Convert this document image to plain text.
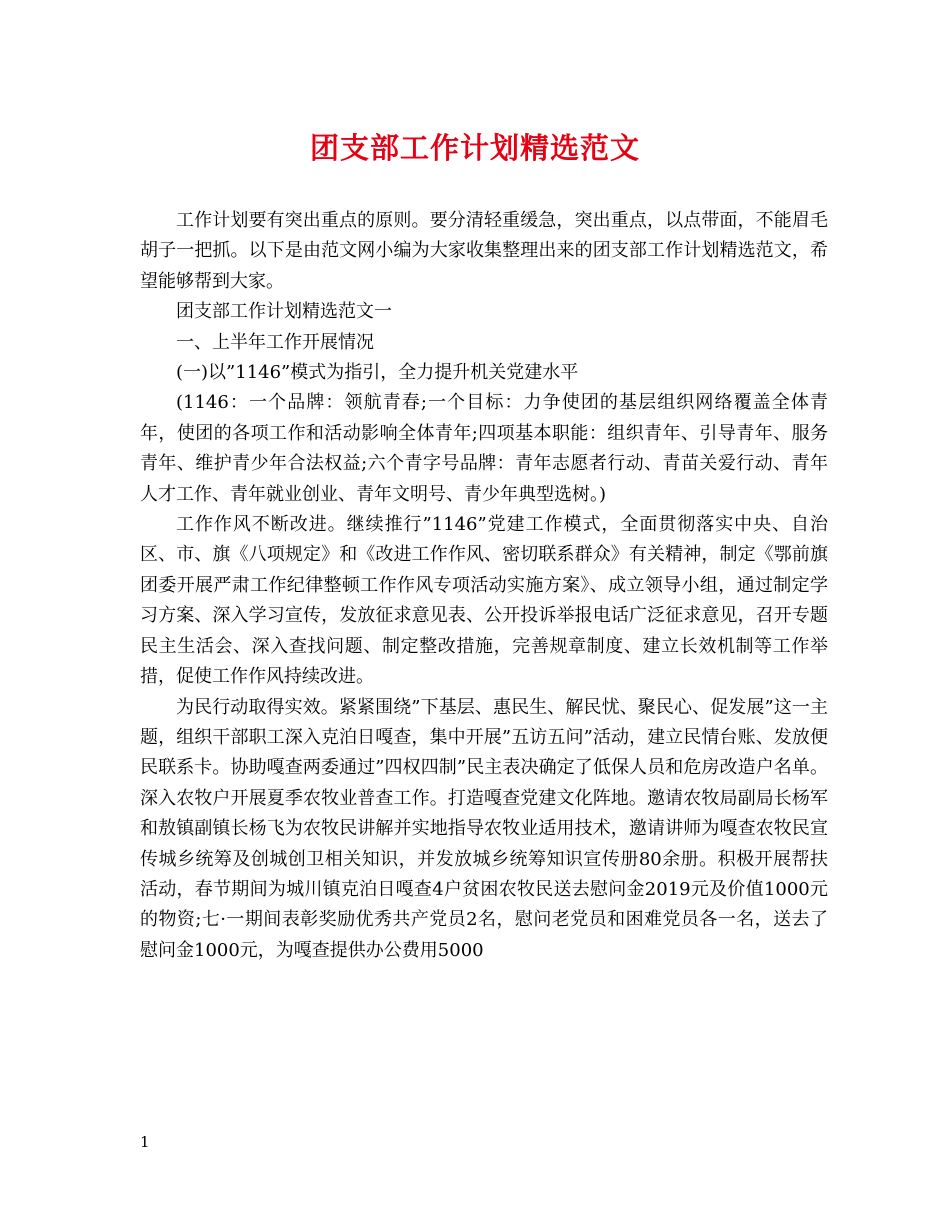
团支部工作计划精选范文

工作计划要有突出重点的原则。要分清轻重缓急，突出重点，以点带面，不能眉毛胡子一把抓。以下是由范文网小编为大家收集整理出来的团支部工作计划精选范文，希望能够帮到大家。

团支部工作计划精选范文一

一、上半年工作开展情况

(一)以”1146”模式为指引，全力提升机关党建水平

(1146：一个品牌：领航青春;一个目标：力争使团的基层组织网络覆盖全体青年，使团的各项工作和活动影响全体青年;四项基本职能：组织青年、引导青年、服务青年、维护青少年合法权益;六个青字号品牌：青年志愿者行动、青苗关爱行动、青年人才工作、青年就业创业、青年文明号、青少年典型选树。)

工作作风不断改进。继续推行”1146”党建工作模式，全面贯彻落实中央、自治区、市、旗《八项规定》和《改进工作作风、密切联系群众》有关精神，制定《鄂前旗团委开展严肃工作纪律整顿工作作风专项活动实施方案》、成立领导小组，通过制定学习方案、深入学习宣传，发放征求意见表、公开投诉举报电话广泛征求意见，召开专题民主生活会、深入查找问题、制定整改措施，完善规章制度、建立长效机制等工作举措，促使工作作风持续改进。

为民行动取得实效。紧紧围绕”下基层、惠民生、解民忧、聚民心、促发展”这一主题，组织干部职工深入克泊日嘎查，集中开展”五访五问”活动，建立民情台账、发放便民联系卡。协助嘎查两委通过”四权四制”民主表决确定了低保人员和危房改造户名单。深入农牧户开展夏季农牧业普查工作。打造嘎查党建文化阵地。邀请农牧局副局长杨军和敖镇副镇长杨飞为农牧民讲解并实地指导农牧业适用技术，邀请讲师为嘎查农牧民宣传城乡统筹及创城创卫相关知识，并发放城乡统筹知识宣传册80余册。积极开展帮扶活动，春节期间为城川镇克泊日嘎查4户贫困农牧民送去慰问金2019元及价值1000元的物资;七·一期间表彰奖励优秀共产党员2名，慰问老党员和困难党员各一名，送去了慰问金1000元，为嘎查提供办公费用5000

1
